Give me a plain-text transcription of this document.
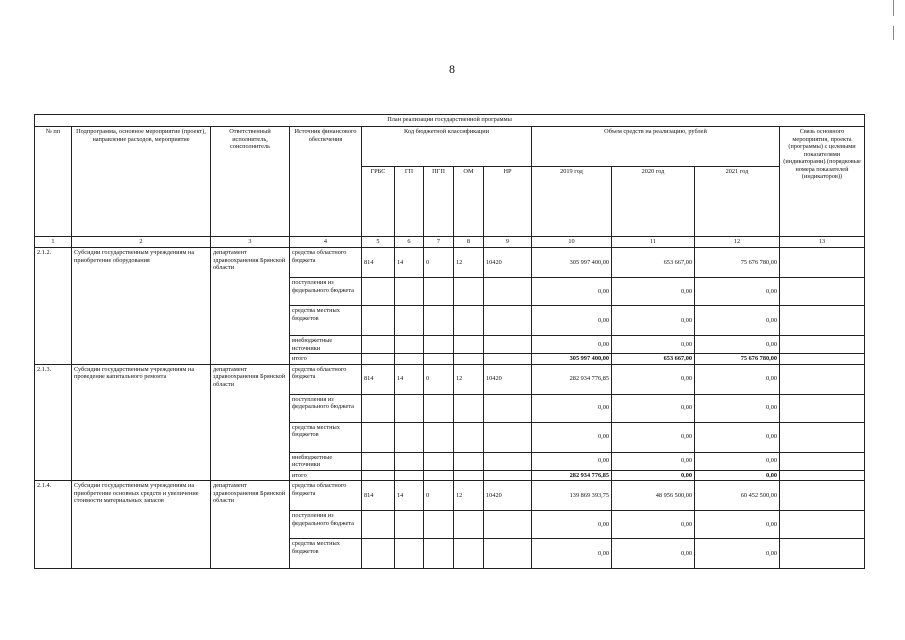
8
План реализации государственной программы												
№ пп	Подпрограмма, основное мероприятие (проект), направление расходов, мероприятие	Ответственный исполнитель, соисполнитель	Источник финансового обеспечения	Код бюджетной классификации					Объем средств на реализацию, рублей			Связь основного мероприятия, проекта (программы) с целевыми показателями (индикаторами) (порядковые номера показателей (индикаторов))
				ГРБС	ГП	ПГП	ОМ	НР	2019 год	2020 год	2021 год	
1	2	3	4	5	6	7	8	9	10	11	12	13
2.1.2.	Субсидии государственным учреждениям на приобретение оборудования	департамент здравоохранения Брянской области	средства областного бюджета	814	14	0	12	10420	305 997 400,00	653 667,00	75 676 780,00	
			поступления из федерального бюджета						0,00	0,00	0,00	
			средства местных бюджетов						0,00	0,00	0,00	
			внебюджетные источники						0,00	0,00	0,00	
			итого						305 997 400,00	653 667,00	75 676 780,00	
2.1.3.	Субсидии государственным учреждениям на проведение капитального ремонта	департамент здравоохранения Брянской области	средства областного бюджета	814	14	0	12	10420	282 934 776,85	0,00	0,00	
			поступления из федерального бюджета						0,00	0,00	0,00	
			средства местных бюджетов						0,00	0,00	0,00	
			внебюджетные источники						0,00	0,00	0,00	
			итого						282 934 776,85	0,00	0,00	
2.1.4.	Субсидии государственным учреждениям на приобретение основных средств и увеличение стоимости материальных запасов	департамент здравоохранения Брянской области	средства областного бюджета	814	14	0	12	10420	139 869 393,75	48 956 500,00	60 452 500,00	
			поступления из федерального бюджета						0,00	0,00	0,00	
			средства местных бюджетов						0,00	0,00	0,00	
